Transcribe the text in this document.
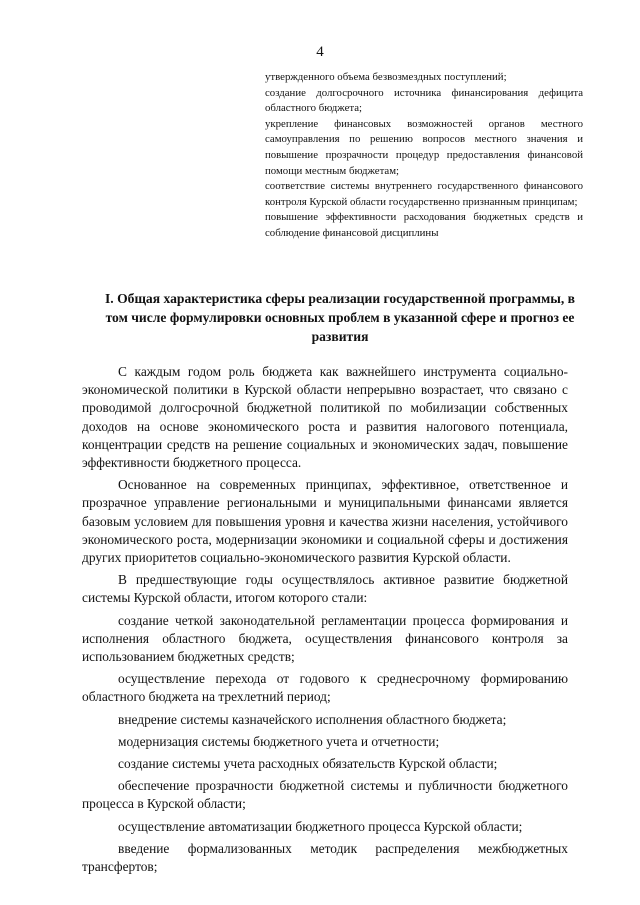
4

утвержденного объема безвозмездных поступлений;

создание долгосрочного источника финансирования дефицита областного бюджета;

укрепление финансовых возможностей органов местного самоуправления по решению вопросов местного значения и повышение прозрачности процедур предоставления финансовой помощи местным бюджетам;

соответствие системы внутреннего государственного финансового контроля Курской области государственно признанным принципам;

повышение эффективности расходования бюджетных средств и соблюдение финансовой дисциплины

I. Общая характеристика сферы реализации государственной программы, в том числе формулировки основных проблем в указанной сфере и прогноз ее развития

С каждым годом роль бюджета как важнейшего инструмента социально-экономической политики в Курской области непрерывно возрастает, что связано с проводимой долгосрочной бюджетной политикой по мобилизации собственных доходов на основе экономического роста и развития налогового потенциала, концентрации средств на решение социальных и экономических задач, повышение эффективности бюджетного процесса.

Основанное на современных принципах, эффективное, ответственное и прозрачное управление региональными и муниципальными финансами является базовым условием для повышения уровня и качества жизни населения, устойчивого экономического роста, модернизации экономики и социальной сферы и достижения других приоритетов социально-экономического развития Курской области.

В предшествующие годы осуществлялось активное развитие бюджетной системы Курской области, итогом которого стали:

создание четкой законодательной регламентации процесса формирования и исполнения областного бюджета, осуществления финансового контроля за использованием бюджетных средств;

осуществление перехода от годового к среднесрочному формированию областного бюджета на трехлетний период;

внедрение системы казначейского исполнения областного бюджета;

модернизация системы бюджетного учета и отчетности;

создание системы учета расходных обязательств Курской области;

обеспечение прозрачности бюджетной системы и публичности бюджетного процесса в Курской области;

осуществление автоматизации бюджетного процесса Курской области;

введение формализованных методик распределения межбюджетных трансфертов;
